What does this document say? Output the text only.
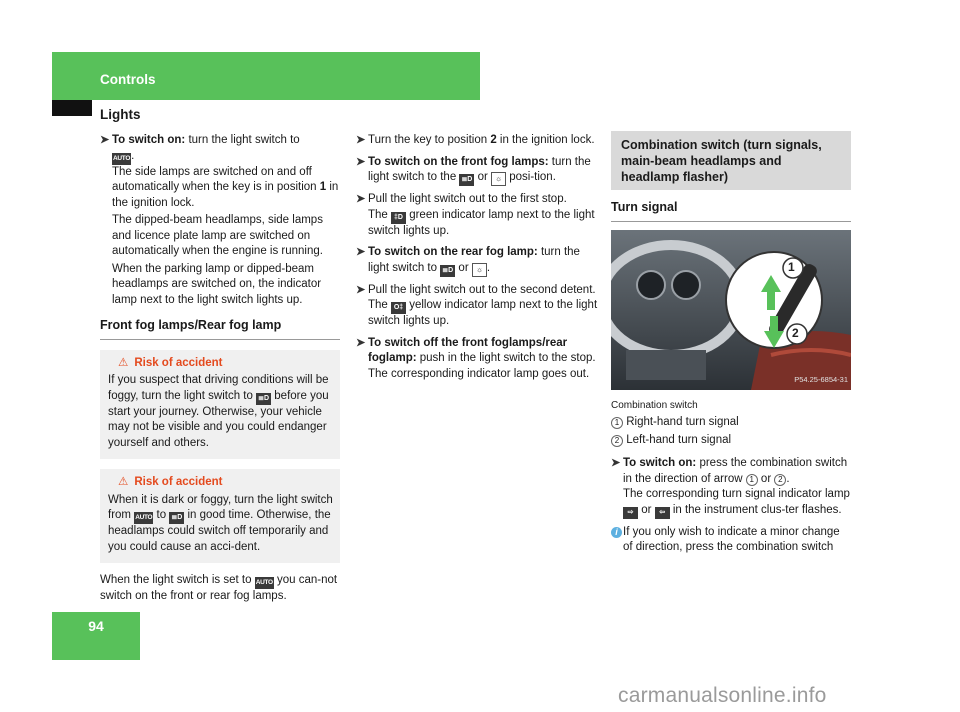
Controls
Lights
➤ To switch on: turn the light switch to
AUTO.

The side lamps are switched on and off automatically when the key is in position 1 in the ignition lock.

The dipped-beam headlamps, side lamps and licence plate lamp are switched on automatically when the engine is running.

When the parking lamp or dipped-beam headlamps are switched on, the indicator lamp next to the light switch lights up.

Front fog lamps/Rear fog lamp
⚠ Risk of accident

If you suspect that driving conditions will be foggy, turn the light switch to ≣D before you start your journey. Otherwise, your vehicle may not be visible and you could endanger yourself and others.

⚠ Risk of accident

When it is dark or foggy, turn the light switch from AUTO to ≣D in good time. Otherwise, the headlamps could switch off temporarily and you could cause an acci-dent.

When the light switch is set to AUTO you can-not switch on the front or rear fog lamps.

➤ Turn the key to position 2 in the ignition lock.

➤ To switch on the front fog lamps: turn the light switch to the ≣D or ☼ posi-tion.

➤ Pull the light switch out to the first stop.

The ‡D green indicator lamp next to the light switch lights up.

➤ To switch on the rear fog lamp: turn the light switch to ≣D or ☼ .

➤ Pull the light switch out to the second detent.

The O‡ yellow indicator lamp next to the light switch lights up.

➤ To switch off the front foglamps/rear foglamp: push in the light switch to the stop.

The corresponding indicator lamp goes out.

Combination switch (turn signals, main-beam headlamps and headlamp flasher)
Turn signal
1
2
P54.25-6854-31

Combination switch

1 Right-hand turn signal

2 Left-hand turn signal

➤ To switch on: press the combination switch in the direction of arrow 1 or 2 .

The corresponding turn signal indicator lamp ⇨ or ⇦ in the instrument clus-ter flashes.

i If you only wish to indicate a minor change of direction, press the combination switch

94
carmanualsonline.info
